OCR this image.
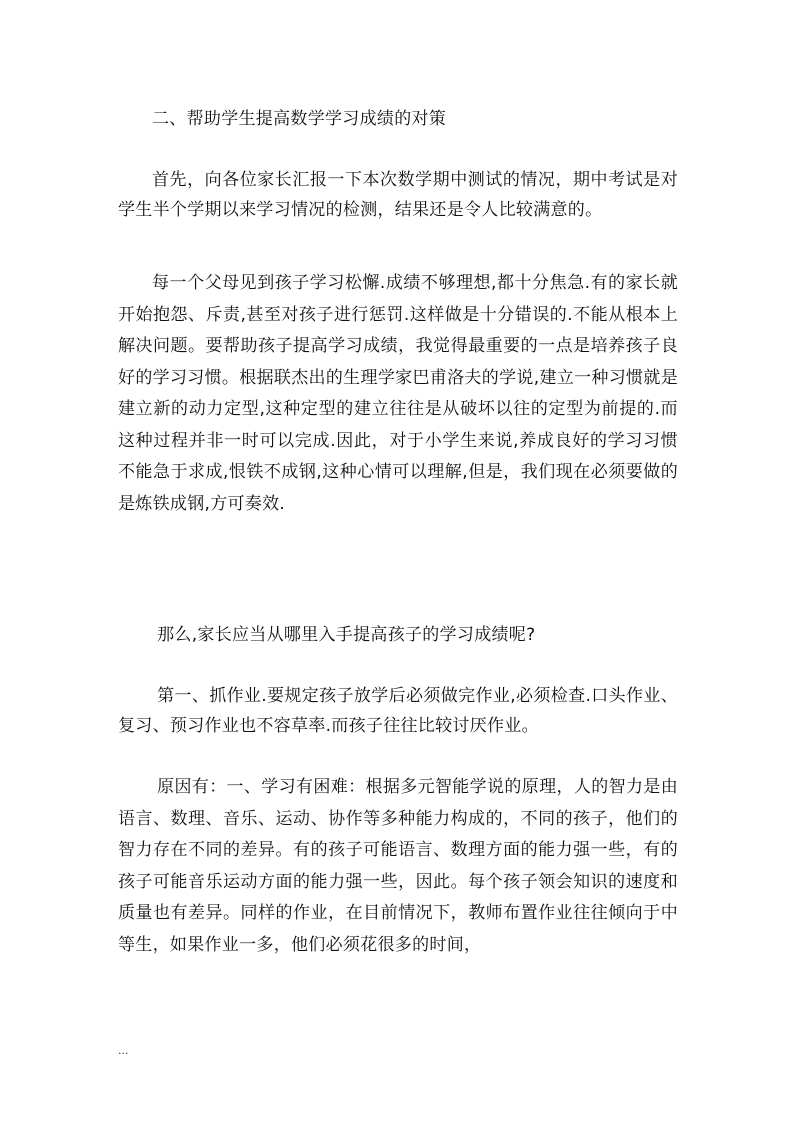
二、帮助学生提高数学学习成绩的对策

首先，向各位家长汇报一下本次数学期中测试的情况，期中考试是对学生半个学期以来学习情况的检测，结果还是令人比较满意的。

每一个父母见到孩子学习松懈.成绩不够理想,都十分焦急.有的家长就开始抱怨、斥责,甚至对孩子进行惩罚.这样做是十分错误的.不能从根本上解决问题。要帮助孩子提高学习成绩，我觉得最重要的一点是培养孩子良好的学习习惯。根据联杰出的生理学家巴甫洛夫的学说,建立一种习惯就是建立新的动力定型,这种定型的建立往往是从破坏以往的定型为前提的.而这种过程并非一时可以完成.因此，对于小学生来说,养成良好的学习习惯不能急于求成,恨铁不成钢,这种心情可以理解,但是，我们现在必须要做的是炼铁成钢,方可奏效.

那么,家长应当从哪里入手提高孩子的学习成绩呢?

第一、抓作业.要规定孩子放学后必须做完作业,必须检查.口头作业、复习、预习作业也不容草率.而孩子往往比较讨厌作业。

原因有：一、学习有困难：根据多元智能学说的原理，人的智力是由语言、数理、音乐、运动、协作等多种能力构成的，不同的孩子，他们的智力存在不同的差异。有的孩子可能语言、数理方面的能力强一些，有的孩子可能音乐运动方面的能力强一些，因此。每个孩子领会知识的速度和质量也有差异。同样的作业，在目前情况下，教师布置作业往往倾向于中等生，如果作业一多，他们必须花很多的时间，

...
